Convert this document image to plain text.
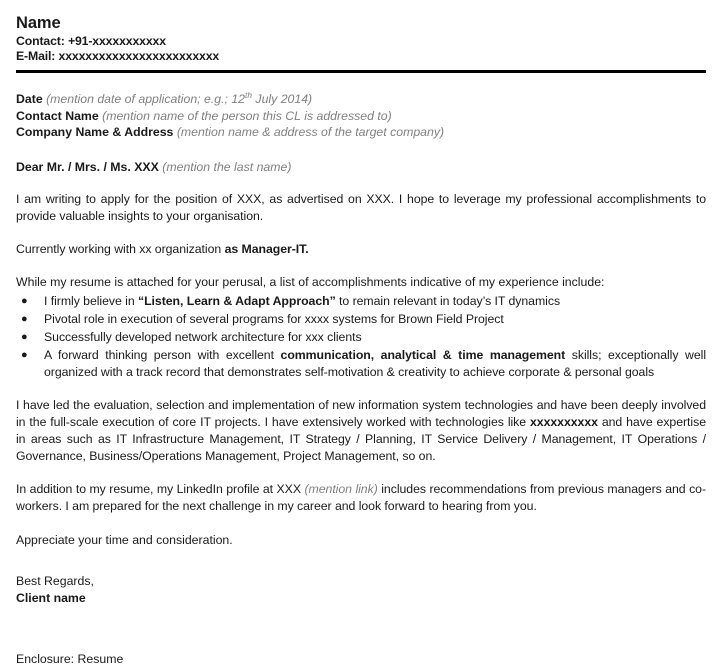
Name
Contact: +91-xxxxxxxxxxx
E-Mail: xxxxxxxxxxxxxxxxxxxxxxxx
Date (mention date of application; e.g.; 12th July 2014)
Contact Name (mention name of the person this CL is addressed to)
Company Name & Address (mention name & address of the target company)
Dear Mr. / Mrs. / Ms. XXX (mention the last name)

I am writing to apply for the position of XXX, as advertised on XXX. I hope to leverage my professional accomplishments to provide valuable insights to your organisation.

Currently working with xx organization as Manager-IT.

While my resume is attached for your perusal, a list of accomplishments indicative of my experience include:

● I firmly believe in “Listen, Learn & Adapt Approach” to remain relevant in today’s IT dynamics
● Pivotal role in execution of several programs for xxxx systems for Brown Field Project
● Successfully developed network architecture for xxx clients
● A forward thinking person with excellent communication, analytical & time management skills; exceptionally well organized with a track record that demonstrates self-motivation & creativity to achieve corporate & personal goals

I have led the evaluation, selection and implementation of new information system technologies and have been deeply involved in the full-scale execution of core IT projects. I have extensively worked with technologies like xxxxxxxxxx and have expertise in areas such as IT Infrastructure Management, IT Strategy / Planning, IT Service Delivery / Management, IT Operations / Governance, Business/Operations Management, Project Management, so on.

In addition to my resume, my LinkedIn profile at XXX (mention link) includes recommendations from previous managers and co-workers. I am prepared for the next challenge in my career and look forward to hearing from you.

Appreciate your time and consideration.

Best Regards,
Client name
Enclosure: Resume
